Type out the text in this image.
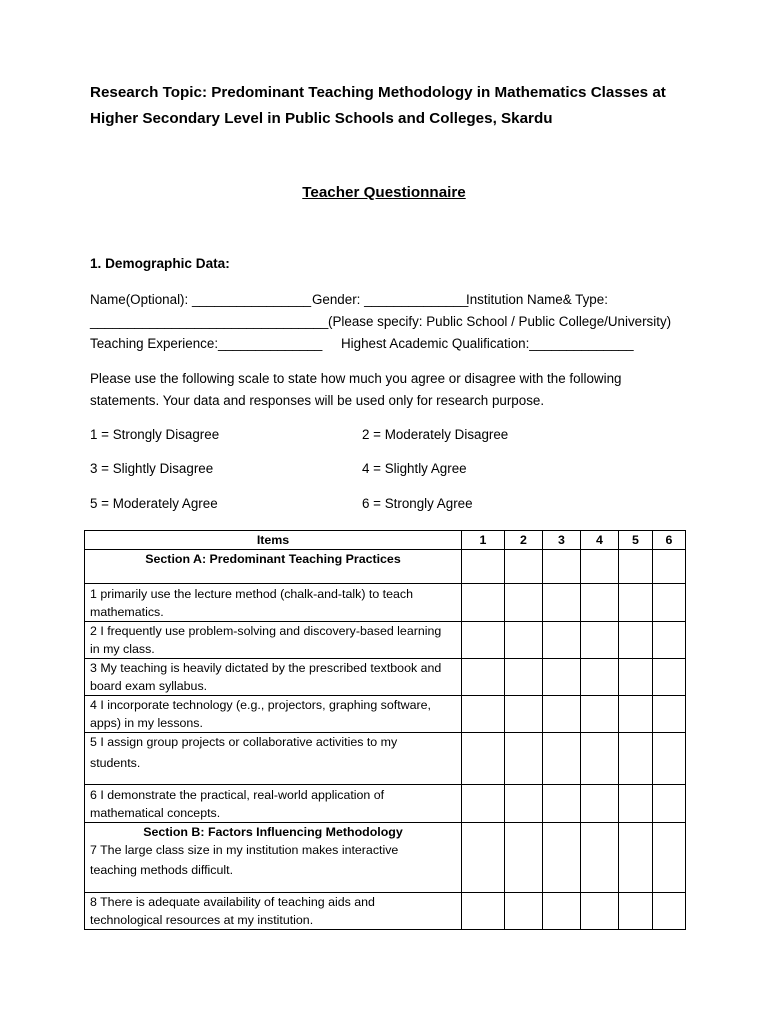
Research Topic: Predominant Teaching Methodology in Mathematics Classes at
Higher Secondary Level in Public Schools and Colleges, Skardu
Teacher Questionnaire
1. Demographic Data:
Name(Optional): ________________ Gender: ______________
Institution Name& Type:
________________________________ (Please specify: Public School / Public College/University)
Teaching Experience:______________ Highest Academic Qualification:______________
Please use the following scale to state how much you agree or disagree with the following
statements. Your data and responses will be used only for research purpose.
1 = Strongly Disagree	2 = Moderately Disagree
3 = Slightly Disagree	4 = Slightly Agree
5 = Moderately Agree	6 = Strongly Agree
Items	1	2	3	4	5	6
Section A: Predominant Teaching Practices						

1 primarily use the lecture method (chalk-and-talk) to teach
mathematics.						

2 I frequently use problem-solving and discovery-based learning
in my class.						

3 My teaching is heavily dictated by the prescribed textbook and
board exam syllabus.						

4 I incorporate technology (e.g., projectors, graphing software,
apps) in my lessons.						

5 I assign group projects or collaborative activities to my
students.						

6 I demonstrate the practical, real-world application of
mathematical concepts.						

Section B: Factors Influencing Methodology
7 The large class size in my institution makes interactive
teaching methods difficult.						

8 There is adequate availability of teaching aids and
technological resources at my institution.						
